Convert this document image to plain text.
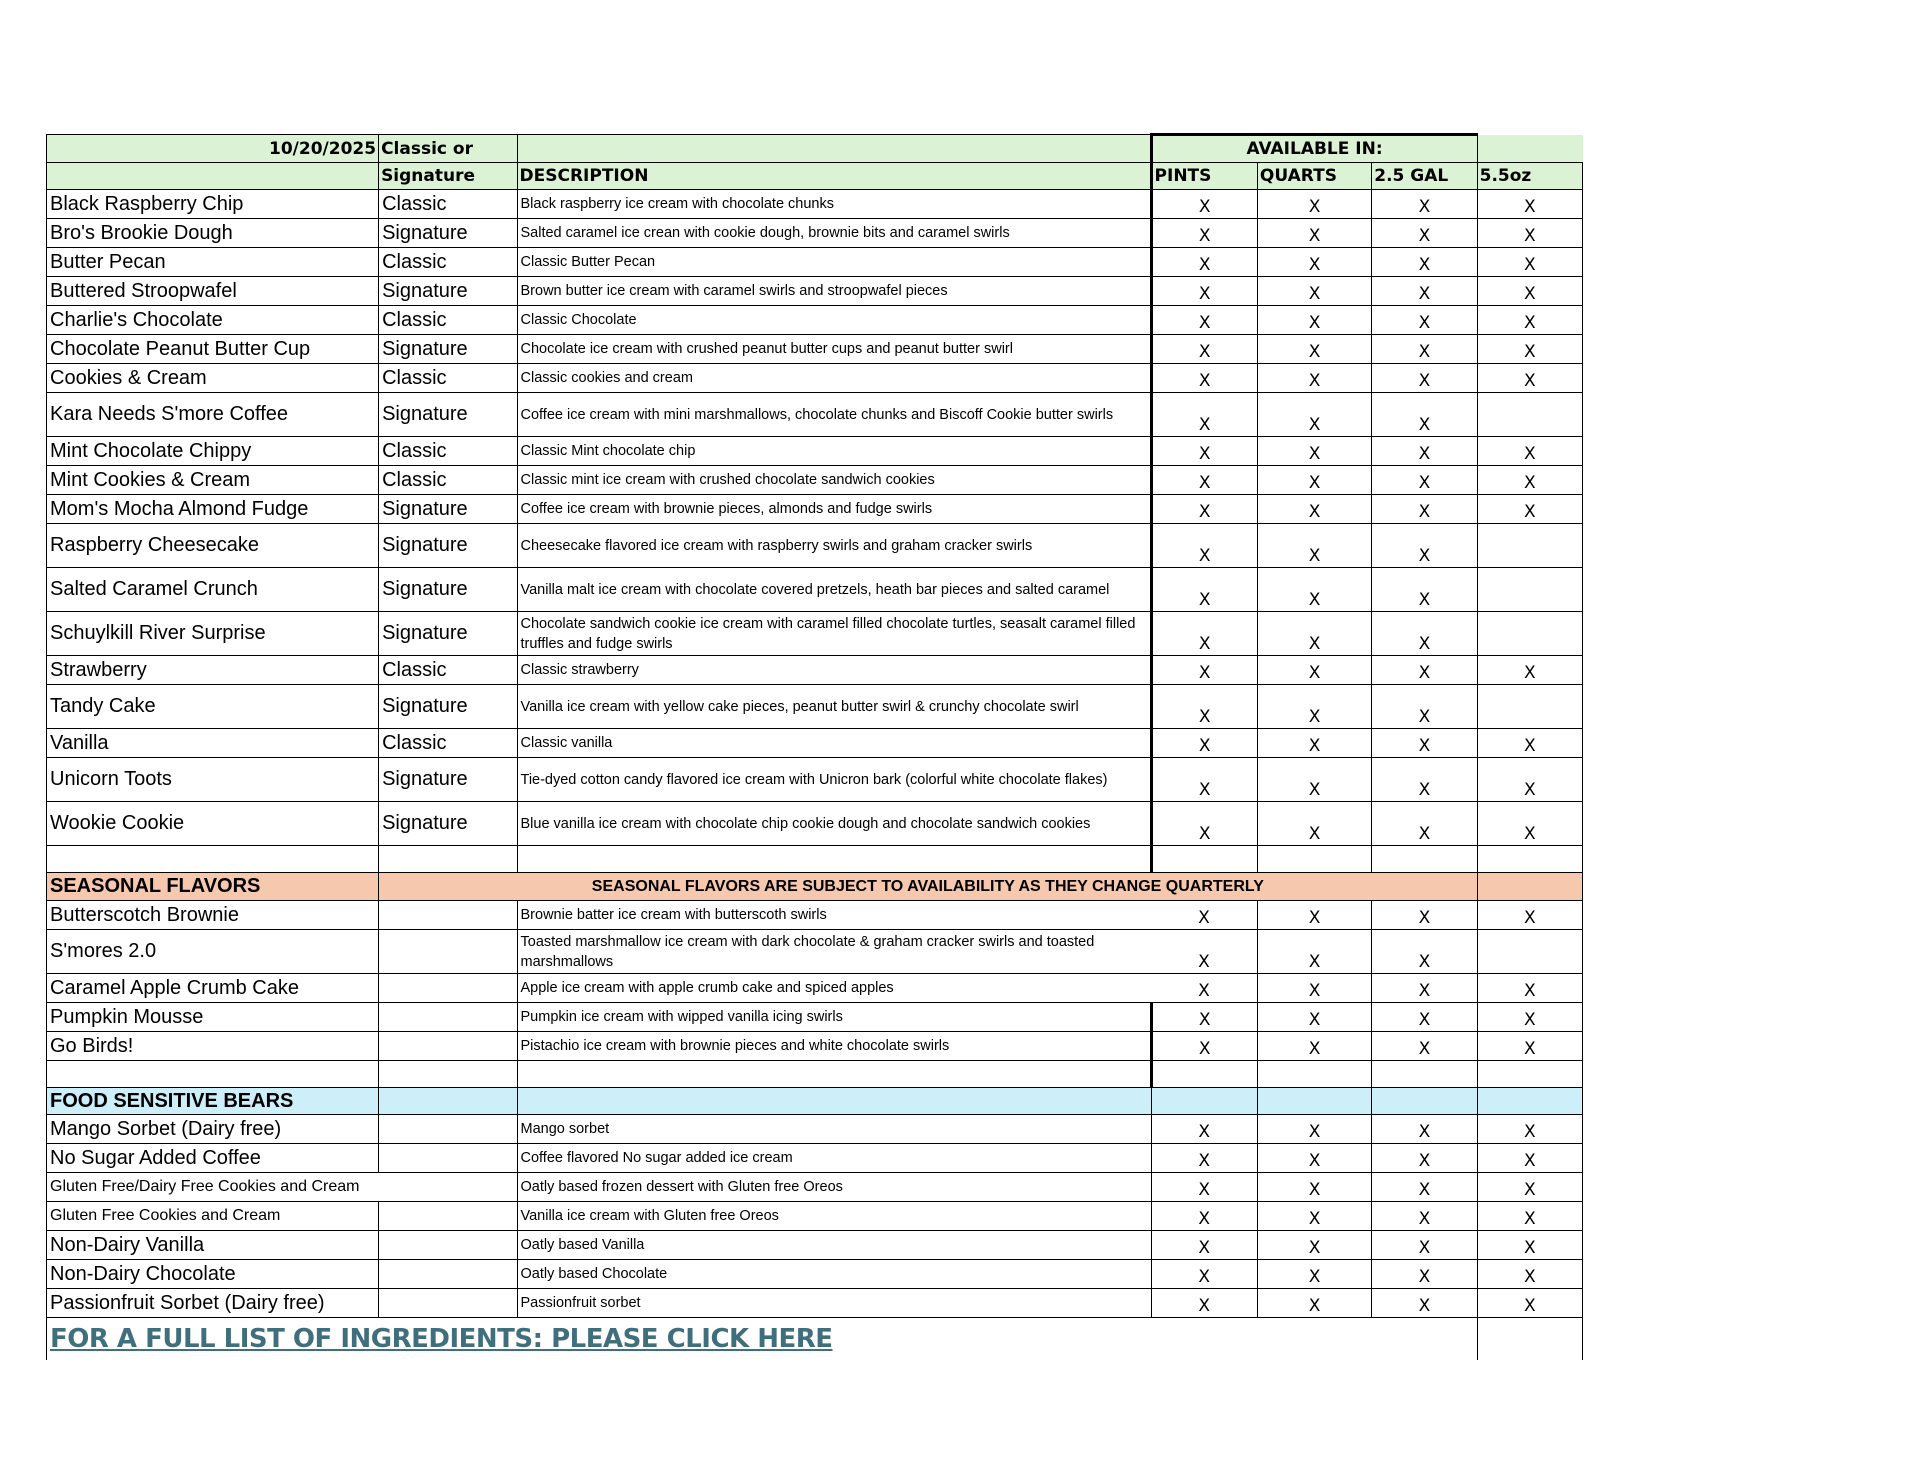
10/20/2025	Classic or		AVAILABLE IN:			
	Signature	DESCRIPTION	PINTS	QUARTS	2.5 GAL	5.5oz
Black Raspberry Chip	Classic	Black raspberry ice cream with chocolate chunks	X	X	X	X
Bro's Brookie Dough	Signature	Salted caramel ice crean with cookie dough, brownie bits and caramel swirls	X	X	X	X
Butter Pecan	Classic	Classic Butter Pecan	X	X	X	X
Buttered Stroopwafel	Signature	Brown butter ice cream with caramel swirls and stroopwafel pieces	X	X	X	X
Charlie's Chocolate	Classic	Classic Chocolate	X	X	X	X
Chocolate Peanut Butter Cup	Signature	Chocolate ice cream with crushed peanut butter cups and peanut butter swirl	X	X	X	X
Cookies & Cream	Classic	Classic cookies and cream	X	X	X	X
Kara Needs S'more Coffee	Signature	Coffee ice cream with mini marshmallows, chocolate chunks and Biscoff Cookie butter swirls	X	X	X	
Mint Chocolate Chippy	Classic	Classic Mint chocolate chip	X	X	X	X
Mint Cookies & Cream	Classic	Classic mint ice cream with crushed chocolate sandwich cookies	X	X	X	X
Mom's Mocha Almond Fudge	Signature	Coffee ice cream with brownie pieces, almonds and fudge swirls	X	X	X	X
Raspberry Cheesecake	Signature	Cheesecake flavored ice cream with raspberry swirls and graham cracker swirls	X	X	X	
Salted Caramel Crunch	Signature	Vanilla malt ice cream with chocolate covered pretzels, heath bar pieces and salted caramel	X	X	X	
Schuylkill River Surprise	Signature	Chocolate sandwich cookie ice cream with caramel filled chocolate turtles, seasalt caramel filled truffles and fudge swirls	X	X	X	
Strawberry	Classic	Classic strawberry	X	X	X	X
Tandy Cake	Signature	Vanilla ice cream with yellow cake pieces, peanut butter swirl & crunchy chocolate swirl	X	X	X	
Vanilla	Classic	Classic vanilla	X	X	X	X
Unicorn Toots	Signature	Tie-dyed cotton candy flavored ice cream with Unicron bark (colorful white chocolate flakes)	X	X	X	X
Wookie Cookie	Signature	Blue vanilla ice cream with chocolate chip cookie dough and chocolate sandwich cookies	X	X	X	X

SEASONAL FLAVORS	SEASONAL FLAVORS ARE SUBJECT TO AVAILABILITY AS THEY CHANGE QUARTERLY					
Butterscotch Brownie		Brownie batter ice cream with butterscoth swirls	X	X	X	X
S'mores 2.0		Toasted marshmallow ice cream with dark chocolate & graham cracker swirls and toasted marshmallows	X	X	X	
Caramel Apple Crumb Cake		Apple ice cream with apple crumb cake and spiced apples	X	X	X	X
Pumpkin Mousse		Pumpkin ice cream with wipped vanilla icing swirls	X	X	X	X
Go Birds!		Pistachio ice cream with brownie pieces and white chocolate swirls	X	X	X	X

FOOD SENSITIVE BEARS						
Mango Sorbet (Dairy free)		Mango sorbet	X	X	X	X
No Sugar Added Coffee		Coffee flavored No sugar added ice cream	X	X	X	X
Gluten Free/Dairy Free Cookies and Cream		Oatly based frozen dessert with Gluten free Oreos	X	X	X	X
Gluten Free Cookies and Cream		Vanilla ice cream with Gluten free Oreos	X	X	X	X
Non-Dairy Vanilla		Oatly based Vanilla	X	X	X	X
Non-Dairy Chocolate		Oatly based Chocolate	X	X	X	X
Passionfruit Sorbet (Dairy free)		Passionfruit sorbet	X	X	X	X
FOR A FULL LIST OF INGREDIENTS: PLEASE CLICK HERE						
